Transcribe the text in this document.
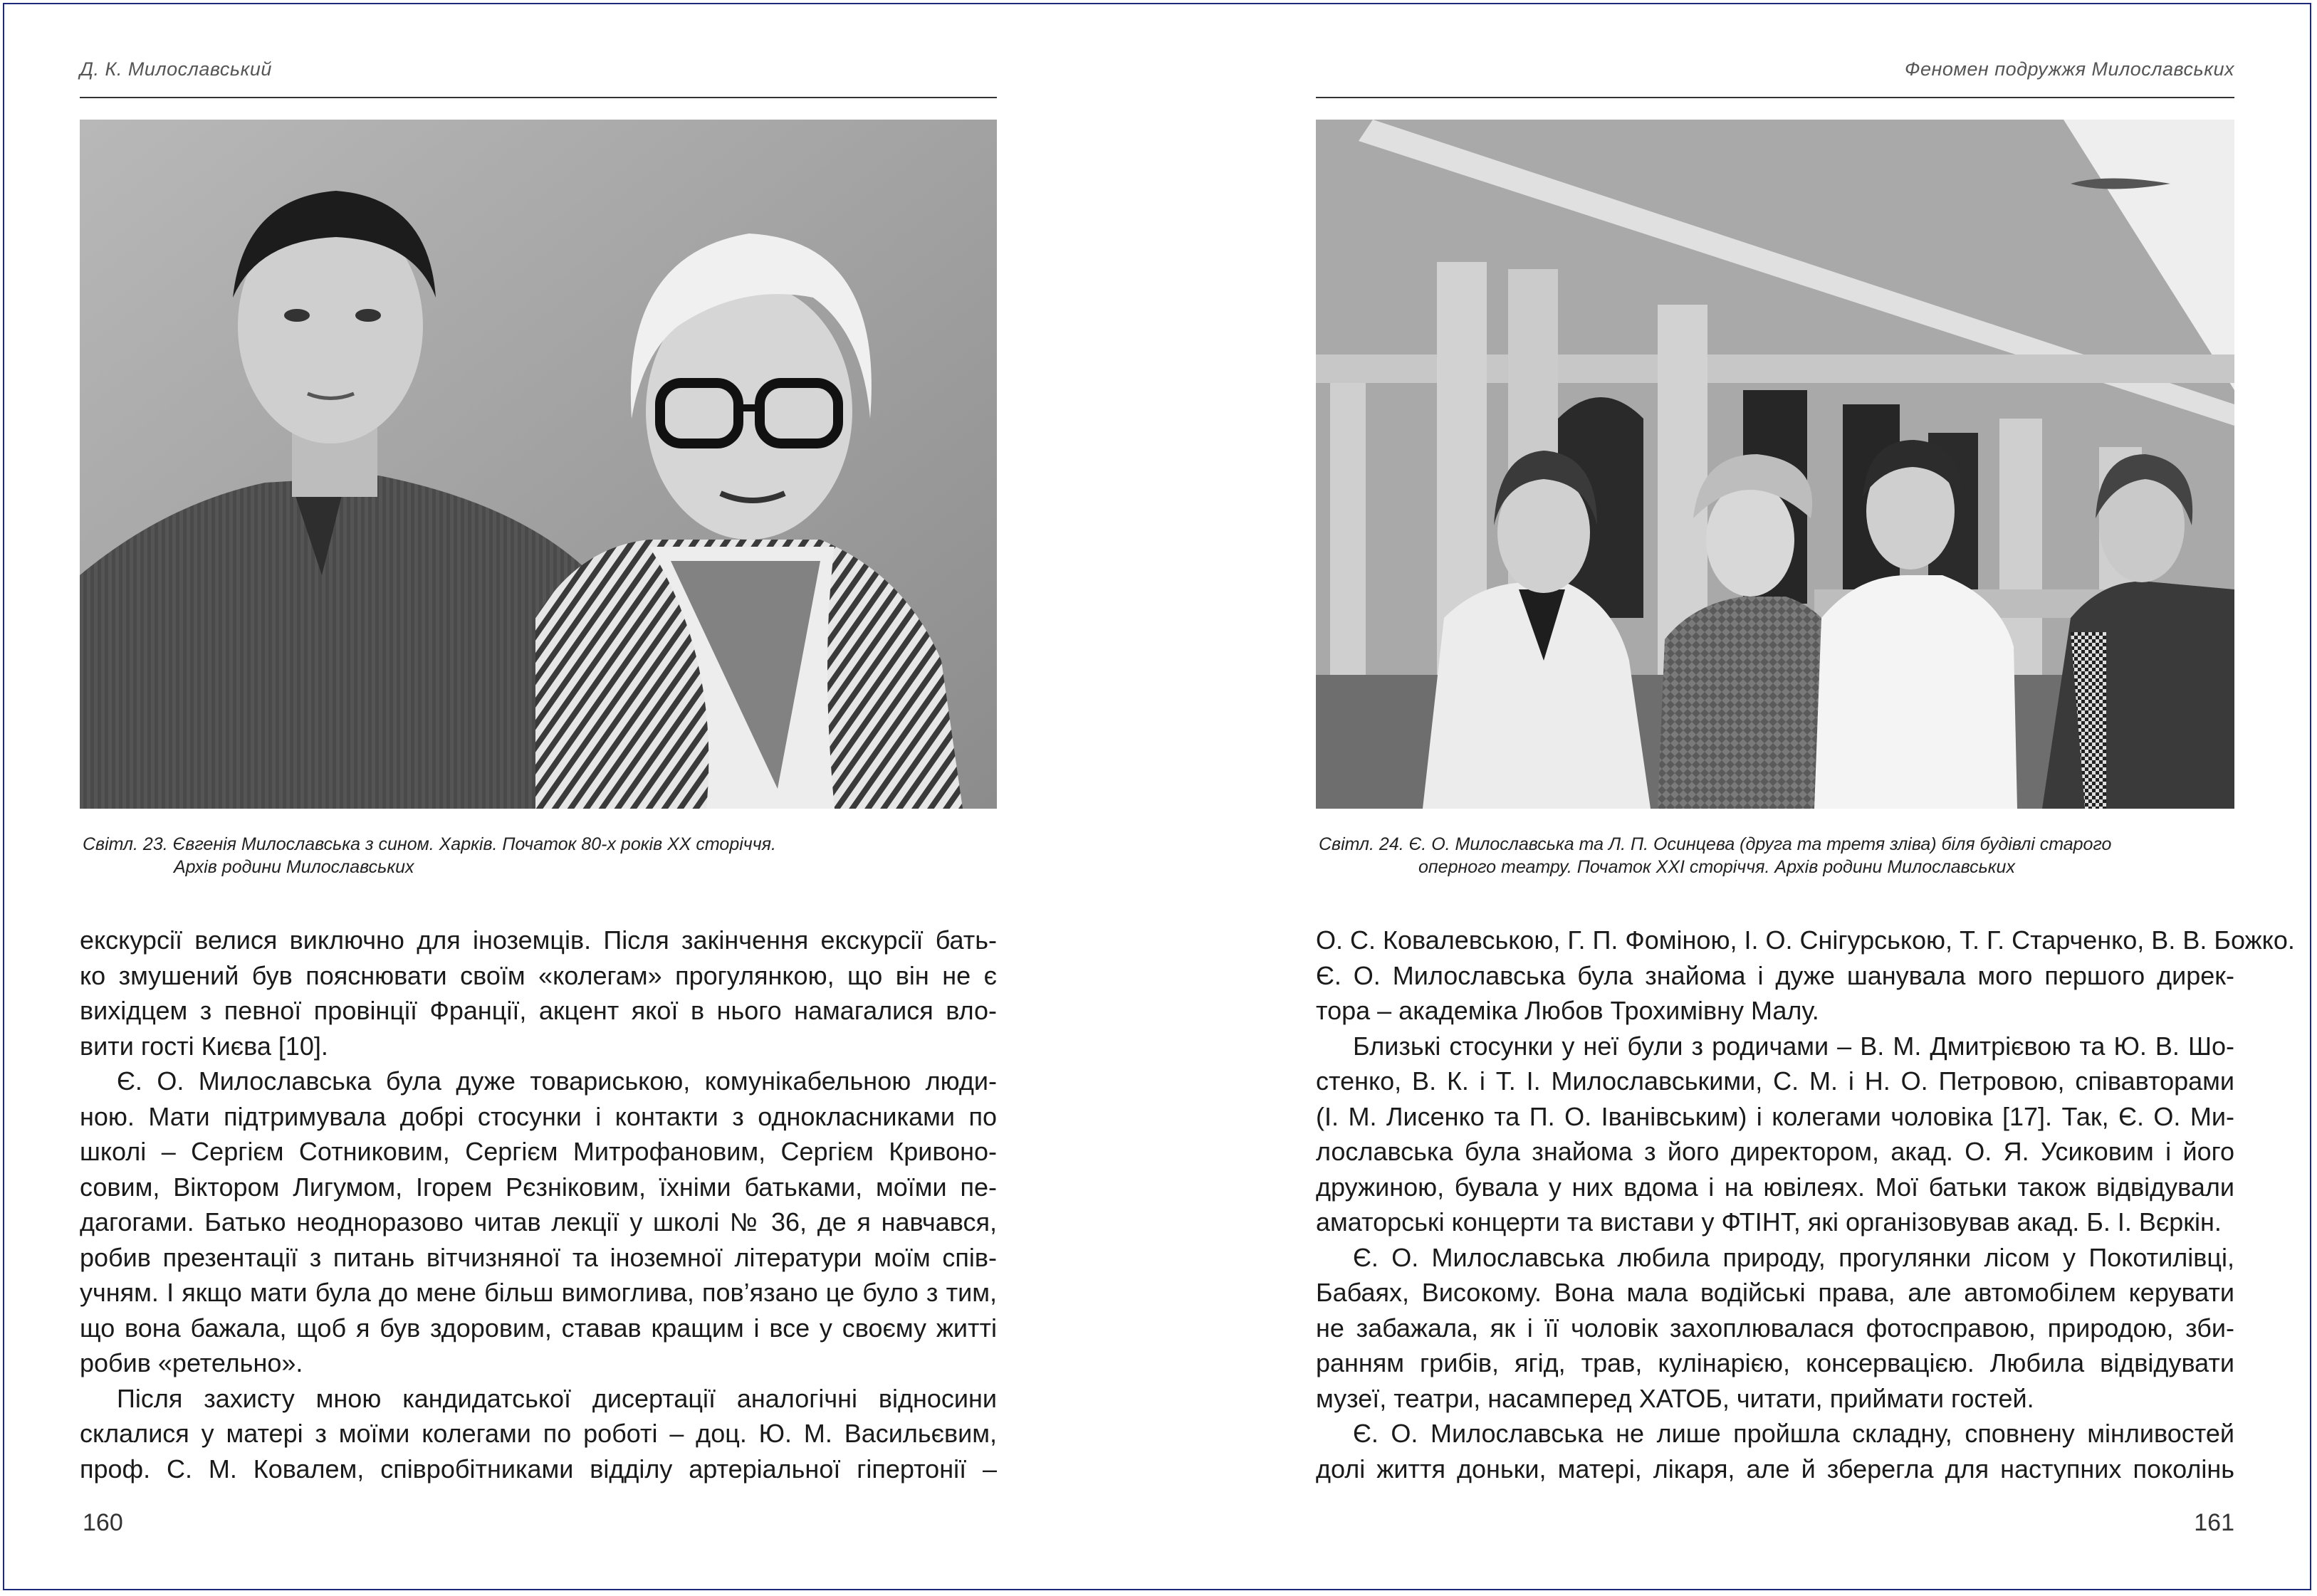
Д. К. Милославський
Світл. 23. Євгенія Милославська з сином. Харків. Початок 80-х років ХХ сторіччя.
Архів родини Милославських
екскурсії велися виключно для іноземців. Після закінчення екскурсії бать-
ко змушений був пояснювати своїм «колегам» прогулянкою, що він не є
вихідцем з певної провінції Франції, акцент якої в нього намагалися вло-
вити гості Києва [10].
Є. О. Милославська була дуже товариською, комунікабельною люди-
ною. Мати підтримувала добрі стосунки і контакти з однокласниками по
школі – Сергієм Сотниковим, Сергієм Митрофановим, Сергієм Кривоно-
совим, Віктором Лигумом, Ігорем Рєзніковим, їхніми батьками, моїми пе-
дагогами. Батько неодноразово читав лекції у школі № 36, де я навчався,
робив презентації з питань вітчизняної та іноземної літератури моїм спів-
учням. І якщо мати була до мене більш вимоглива, пов’язано це було з тим,
що вона бажала, щоб я був здоровим, ставав кращим і все у своєму житті
робив «ретельно».
Після захисту мною кандидатської дисертації аналогічні відносини
склалися у матері з моїми колегами по роботі – доц. Ю. М. Васильєвим,
проф. С. М. Ковалем, співробітниками відділу артеріальної гіпертонії –
160
Феномен подружжя Милославських
Світл. 24. Є. О. Милославська та Л. П. Осинцева (друга та третя зліва) біля будівлі старого
оперного театру. Початок ХХІ сторіччя. Архів родини Милославських
О. С. Ковалевською, Г. П. Фоміною, І. О. Снігурською, Т. Г. Старченко, В. В. Божко.
Є. О. Милославська була знайома і дуже шанувала мого першого дирек-
тора – академіка Любов Трохимівну Малу.
Близькі стосунки у неї були з родичами – В. М. Дмитрієвою та Ю. В. Шо-
стенко, В. К. і Т. І. Милославськими, С. М. і Н. О. Петровою, співавторами
(І. М. Лисенко та П. О. Іванівським) і колегами чоловіка [17]. Так, Є. О. Ми-
лославська була знайома з його директором, акад. О. Я. Усиковим і його
дружиною, бувала у них вдома і на ювілеях. Мої батьки також відвідували
аматорські концерти та вистави у ФТІНТ, які організовував акад. Б. І. Вєркін.
Є. О. Милославська любила природу, прогулянки лісом у Покотилівці,
Бабаях, Високому. Вона мала водійські права, але автомобілем керувати
не забажала, як і її чоловік захоплювалася фотосправою, природою, зби-
ранням грибів, ягід, трав, кулінарією, консервацією. Любила відвідувати
музеї, театри, насамперед ХАТОБ, читати, приймати гостей.
Є. О. Милославська не лише пройшла складну, сповнену мінливостей
долі життя доньки, матері, лікаря, але й зберегла для наступних поколінь
161
